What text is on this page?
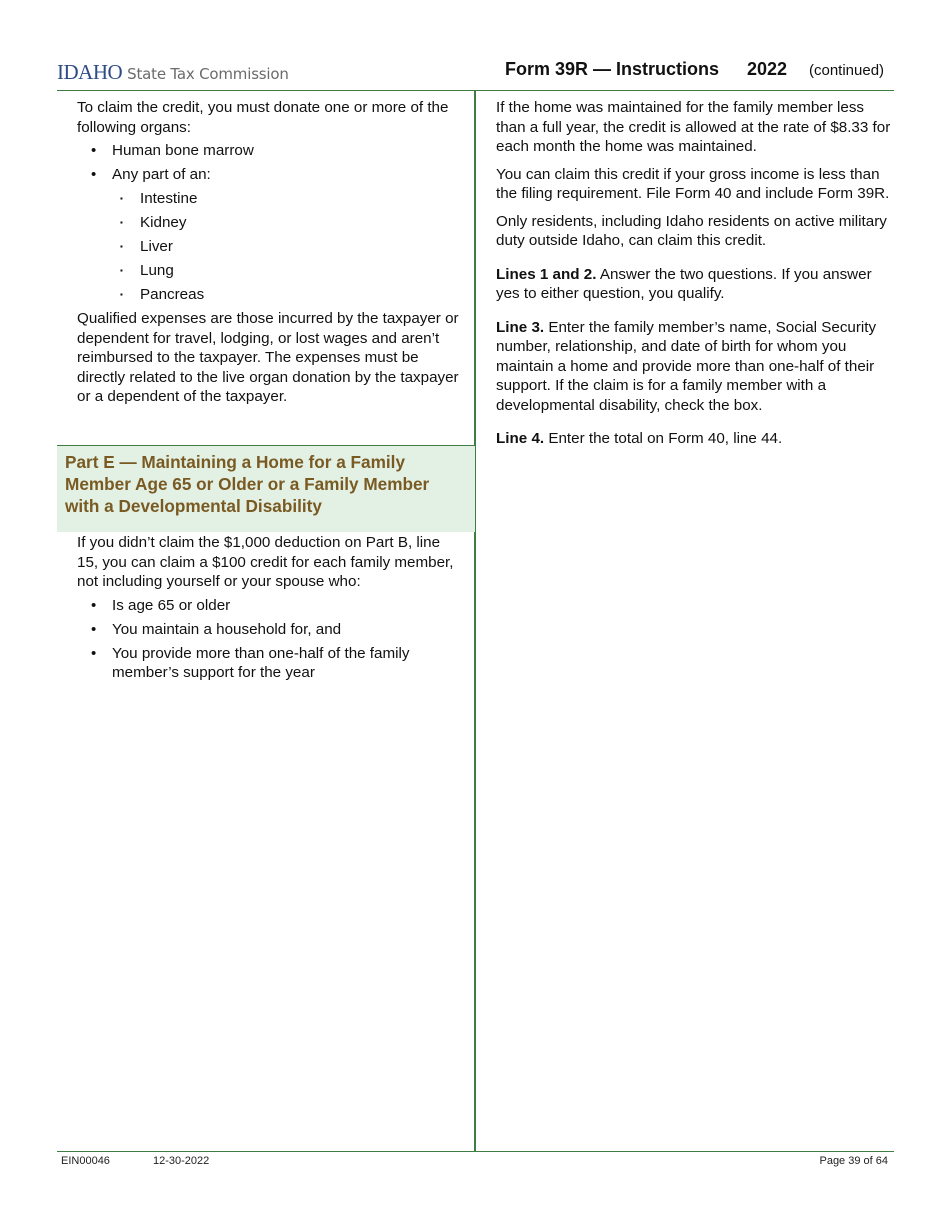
IDAHO State Tax Commission	Form 39R — Instructions 2022 (continued)

To claim the credit, you must donate one or more of the following organs:

• Human bone marrow
• Any part of an:
▪ Intestine
▪ Kidney
▪ Liver
▪ Lung
▪ Pancreas

Qualified expenses are those incurred by the taxpayer or dependent for travel, lodging, or lost wages and aren’t reimbursed to the taxpayer. The expenses must be directly related to the live organ donation by the taxpayer or a dependent of the taxpayer.

Part E — Maintaining a Home for a Family Member Age 65 or Older or a Family Member with a Developmental Disability

If you didn’t claim the $1,000 deduction on Part B, line 15, you can claim a $100 credit for each family member, not including yourself or your spouse who:

• Is age 65 or older
• You maintain a household for, and
• You provide more than one-half of the family member’s support for the year

If the home was maintained for the family member less than a full year, the credit is allowed at the rate of $8.33 for each month the home was maintained.

You can claim this credit if your gross income is less than the filing requirement. File Form 40 and include Form 39R.

Only residents, including Idaho residents on active military duty outside Idaho, can claim this credit.

Lines 1 and 2. Answer the two questions. If you answer yes to either question, you qualify.

Line 3. Enter the family member’s name, Social Security number, relationship, and date of birth for whom you maintain a home and provide more than one-half of their support. If the claim is for a family member with a developmental disability, check the box.

Line 4. Enter the total on Form 40, line 44.

EIN00046	12-30-2022	Page 39 of 64
